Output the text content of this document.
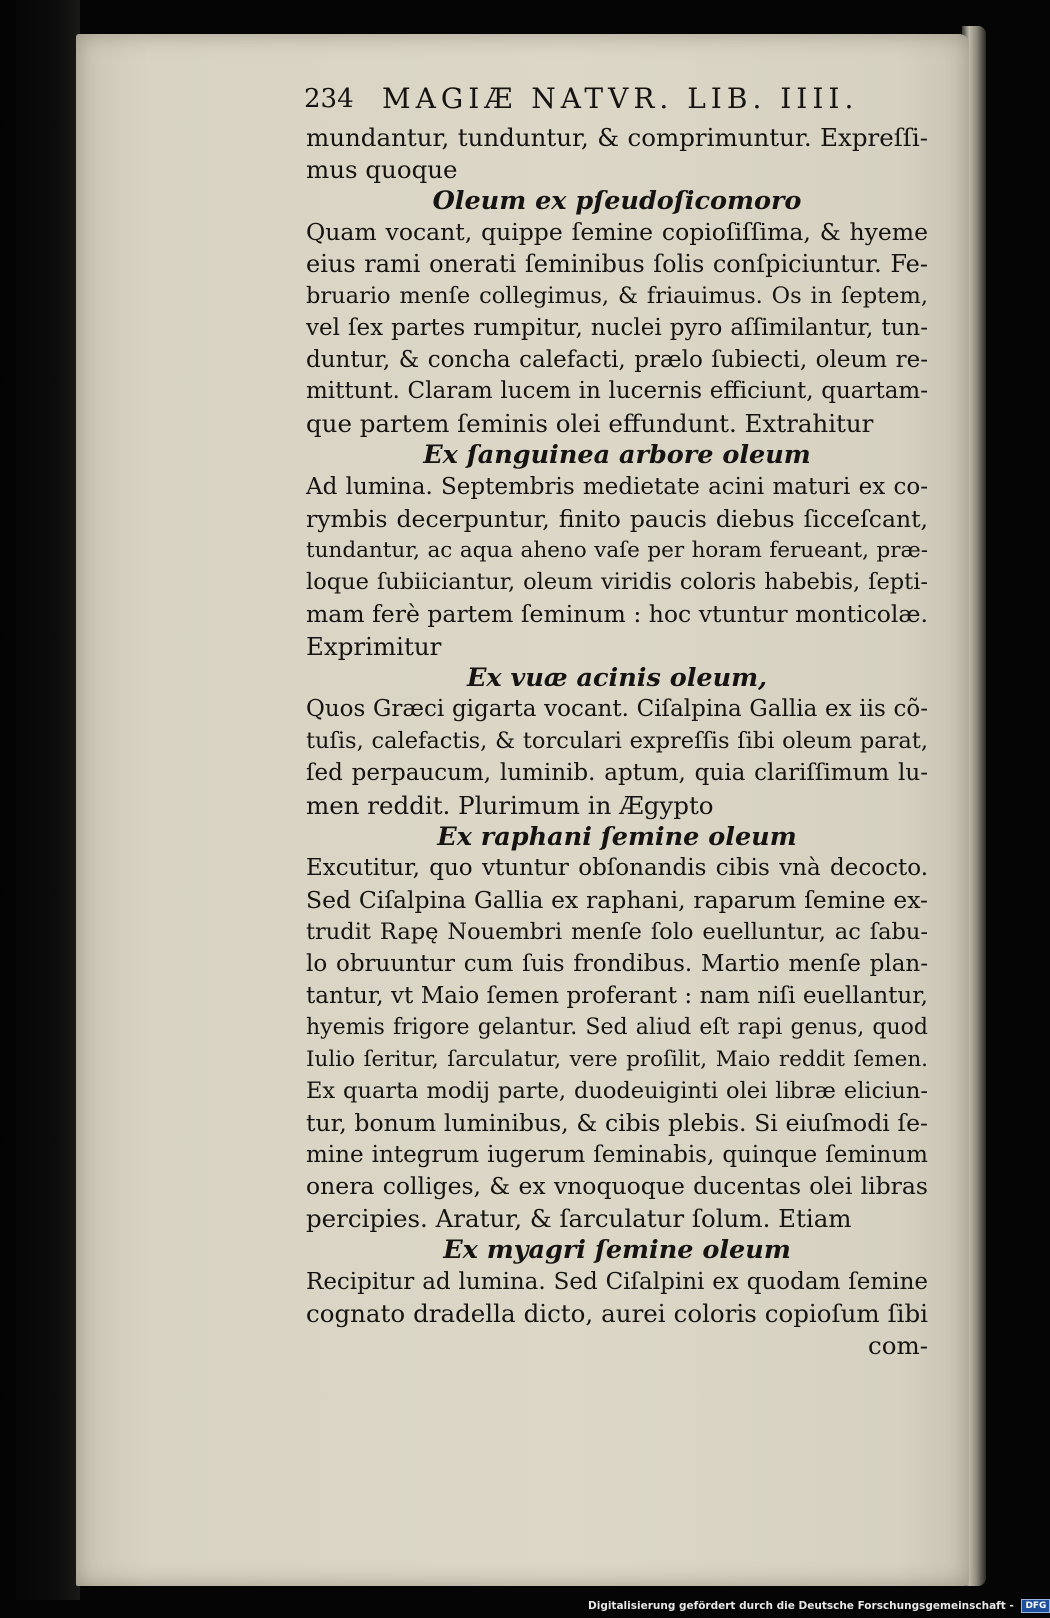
234 MAGIÆ NATVR. LIB. IIII.
mundantur, tunduntur, & comprimuntur. Expreſſi-
mus quoque
Oleum ex pſeudoſicomoro
Quam vocant, quippe ſemine copioſiſſima, & hyeme
eius rami onerati ſeminibus ſolis conſpiciuntur. Fe-
bruario menſe collegimus, & friauimus. Os in ſeptem,
vel ſex partes rumpitur, nuclei pyro aſſimilantur, tun-
duntur, & concha calefacti, prælo ſubiecti, oleum re-
mittunt. Claram lucem in lucernis efficiunt, quartam-
que partem ſeminis olei effundunt. Extrahitur
Ex ſanguinea arbore oleum
Ad lumina. Septembris medietate acini maturi ex co-
rymbis decerpuntur, finito paucis diebus ſicceſcant,
tundantur, ac aqua aheno vaſe per horam ferueant, præ-
loque ſubiiciantur, oleum viridis coloris habebis, ſepti-
mam ferè partem ſeminum : hoc vtuntur monticolæ.
Exprimitur
Ex vuæ acinis oleum,
Quos Græci gigarta vocant. Ciſalpina Gallia ex iis cõ-
tuſis, calefactis, & torculari expreſſis ſibi oleum parat,
ſed perpaucum, luminib. aptum, quia clariſſimum lu-
men reddit. Plurimum in Ægypto
Ex raphani ſemine oleum
Excutitur, quo vtuntur obſonandis cibis vnà decocto.
Sed Ciſalpina Gallia ex raphani, raparum ſemine ex-
trudit Rapę Nouembri menſe ſolo euelluntur, ac ſabu-
lo obruuntur cum ſuis frondibus. Martio menſe plan-
tantur, vt Maio ſemen proferant : nam niſi euellantur,
hyemis frigore gelantur. Sed aliud eſt rapi genus, quod
Iulio ſeritur, ſarculatur, vere proſilit, Maio reddit ſemen.
Ex quarta modij parte, duodeuiginti olei libræ eliciun-
tur, bonum luminibus, & cibis plebis. Si eiuſmodi ſe-
mine integrum iugerum ſeminabis, quinque ſeminum
onera colliges, & ex vnoquoque ducentas olei libras
percipies. Aratur, & ſarculatur ſolum. Etiam
Ex myagri ſemine oleum
Recipitur ad lumina. Sed Ciſalpini ex quodam ſemine
cognato dradella dicto, aurei coloris copioſum ſibi
com-
Digitalisierung gefördert durch die Deutsche Forschungsgemeinschaft - DFG
